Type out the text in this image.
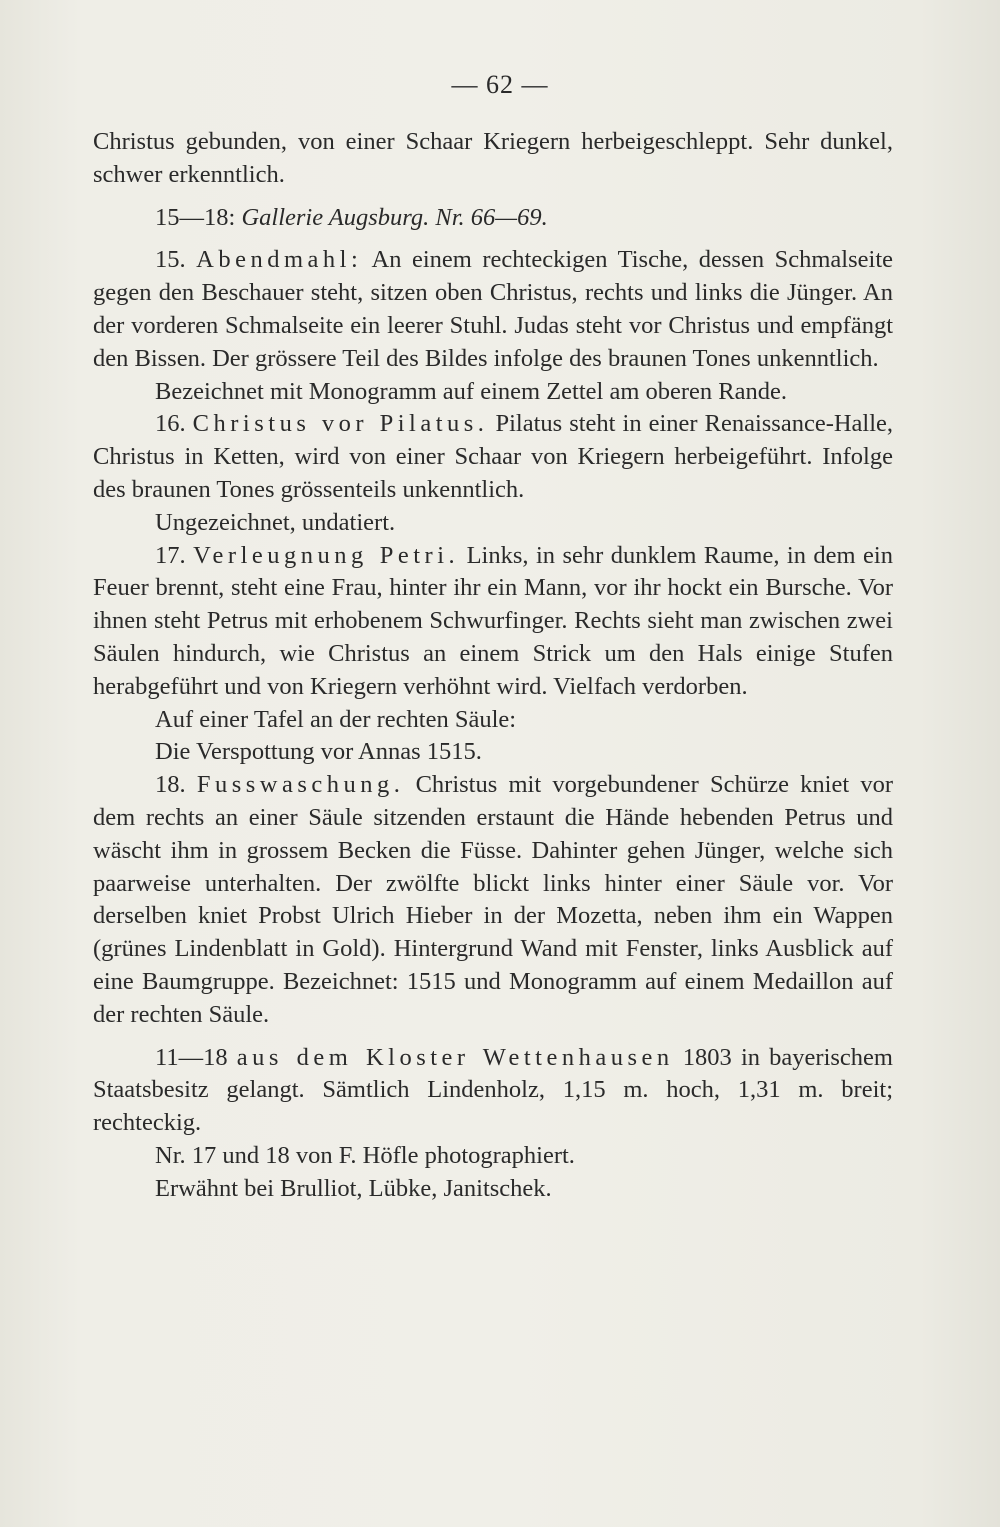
— 62 —

Christus gebunden, von einer Schaar Kriegern herbeigeschleppt. Sehr dunkel, schwer erkenntlich.

15—18: Gallerie Augsburg. Nr. 66—69.

15. Abendmahl: An einem rechteckigen Tische, dessen Schmalseite gegen den Beschauer steht, sitzen oben Christus, rechts und links die Jünger. An der vorderen Schmalseite ein leerer Stuhl. Judas steht vor Christus und empfängt den Bissen. Der grössere Teil des Bildes infolge des braunen Tones unkenntlich.

Bezeichnet mit Monogramm auf einem Zettel am oberen Rande.

16. Christus vor Pilatus. Pilatus steht in einer Renaissance-Halle, Christus in Ketten, wird von einer Schaar von Kriegern herbeigeführt. Infolge des braunen Tones grössenteils unkenntlich.

Ungezeichnet, undatiert.

17. Verleugnung Petri. Links, in sehr dunklem Raume, in dem ein Feuer brennt, steht eine Frau, hinter ihr ein Mann, vor ihr hockt ein Bursche. Vor ihnen steht Petrus mit erhobenem Schwurfinger. Rechts sieht man zwischen zwei Säulen hindurch, wie Christus an einem Strick um den Hals einige Stufen herabgeführt und von Kriegern verhöhnt wird. Vielfach verdorben.

Auf einer Tafel an der rechten Säule:

Die Verspottung vor Annas 1515.

18. Fusswaschung. Christus mit vorgebundener Schürze kniet vor dem rechts an einer Säule sitzenden erstaunt die Hände hebenden Petrus und wäscht ihm in grossem Becken die Füsse. Dahinter gehen Jünger, welche sich paarweise unterhalten. Der zwölfte blickt links hinter einer Säule vor. Vor derselben kniet Probst Ulrich Hieber in der Mozetta, neben ihm ein Wappen (grünes Lindenblatt in Gold). Hintergrund Wand mit Fenster, links Ausblick auf eine Baumgruppe. Bezeichnet: 1515 und Monogramm auf einem Medaillon auf der rechten Säule.

11—18 aus dem Kloster Wettenhausen 1803 in bayerischem Staatsbesitz gelangt. Sämtlich Lindenholz, 1,15 m. hoch, 1,31 m. breit; rechteckig.

Nr. 17 und 18 von F. Höfle photographiert.

Erwähnt bei Brulliot, Lübke, Janitschek.
